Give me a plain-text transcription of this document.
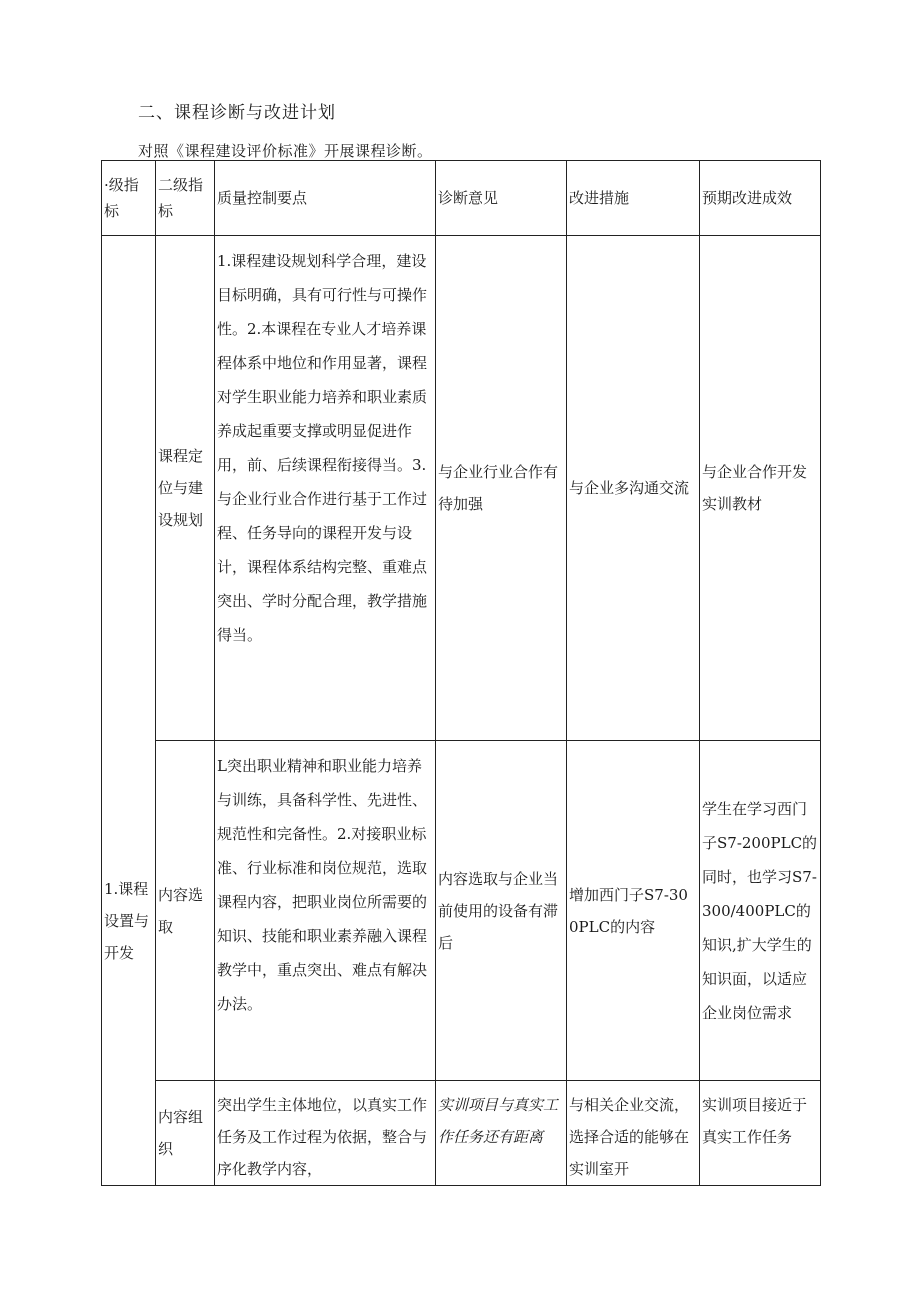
二、课程诊断与改进计划
对照《课程建设评价标准》开展课程诊断。
·级指标	二级指标	质量控制要点	诊断意见	改进措施	预期改进成效
1.课程设置与开发	课程定位与建设规划	1.课程建设规划科学合理，建设目标明确，具有可行性与可操作性。2.本课程在专业人才培养课程体系中地位和作用显著，课程对学生职业能力培养和职业素质养成起重要支撑或明显促进作用，前、后续课程衔接得当。3.与企业行业合作进行基于工作过程、任务导向的课程开发与设计，课程体系结构完整、重难点突出、学时分配合理，教学措施得当。	与企业行业合作有待加强	与企业多沟通交流	与企业合作开发实训教材
	内容选取	L突出职业精神和职业能力培养与训练，具备科学性、先进性、规范性和完备性。2.对接职业标准、行业标准和岗位规范，选取课程内容，把职业岗位所需要的知识、技能和职业素养融入课程教学中，重点突出、难点有解决办法。	内容选取与企业当前使用的设备有滞后	增加西门子S7-300PLC的内容	学生在学习西门子S7-200PLC的同时，也学习S7-300/400PLC的知识,扩大学生的知识面，以适应企业岗位需求
	内容组织	突出学生主体地位，以真实工作任务及工作过程为依据，整合与序化教学内容，	实训项目与真实工作任务还有距离	与相关企业交流，选择合适的能够在实训室开	实训项目接近于真实工作任务
